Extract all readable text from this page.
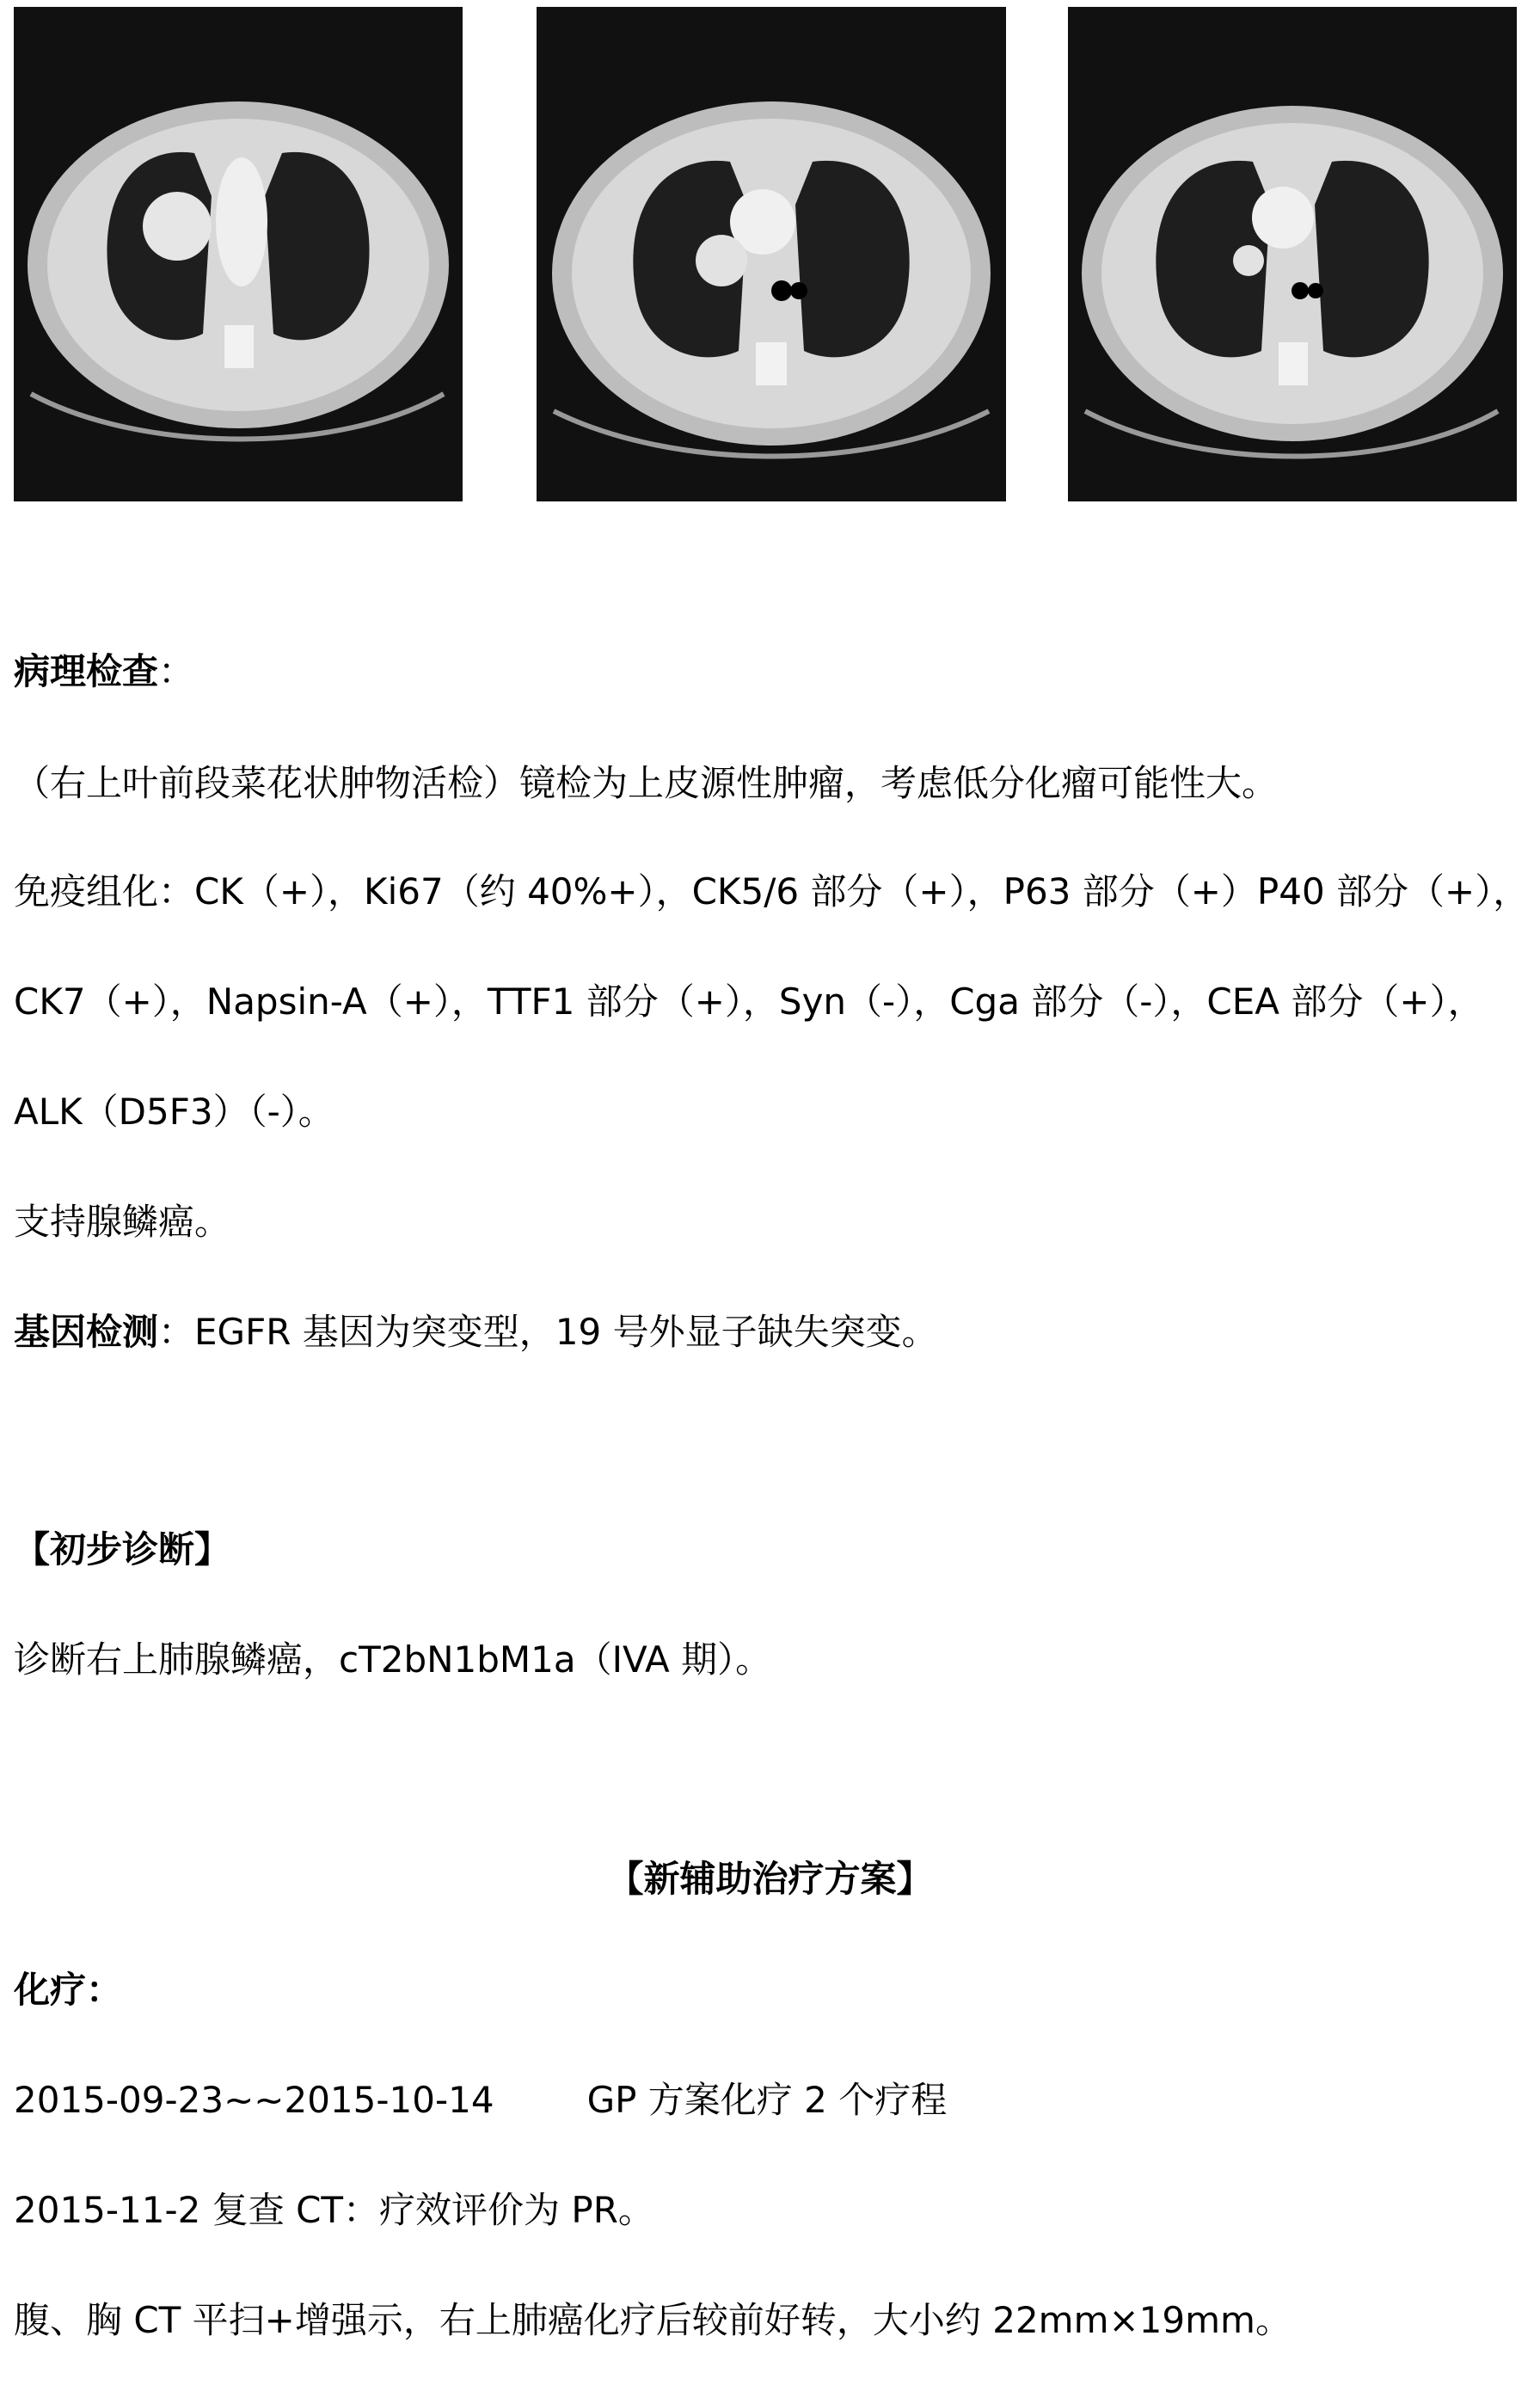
病理检查：
（右上叶前段菜花状肿物活检）镜检为上皮源性肿瘤，考虑低分化瘤可能性大。
免疫组化：CK（+），Ki67（约 40%+），CK5/6 部分（+），P63 部分（+）P40 部分（+），
CK7（+），Napsin-A（+），TTF1 部分（+），Syn（-），Cga 部分（-），CEA 部分（+），
ALK（D5F3）（-）。
支持腺鳞癌。
基因检测：EGFR 基因为突变型，19 号外显子缺失突变。
【初步诊断】
诊断右上肺腺鳞癌，cT2bN1bM1a（IVA 期）。
【新辅助治疗方案】
化疗：
2015-09-23~~2015-10-14	GP 方案化疗 2 个疗程
2015-11-2 复查 CT：疗效评价为 PR。
腹、胸 CT 平扫+增强示，右上肺癌化疗后较前好转，大小约 22mm×19mm。
